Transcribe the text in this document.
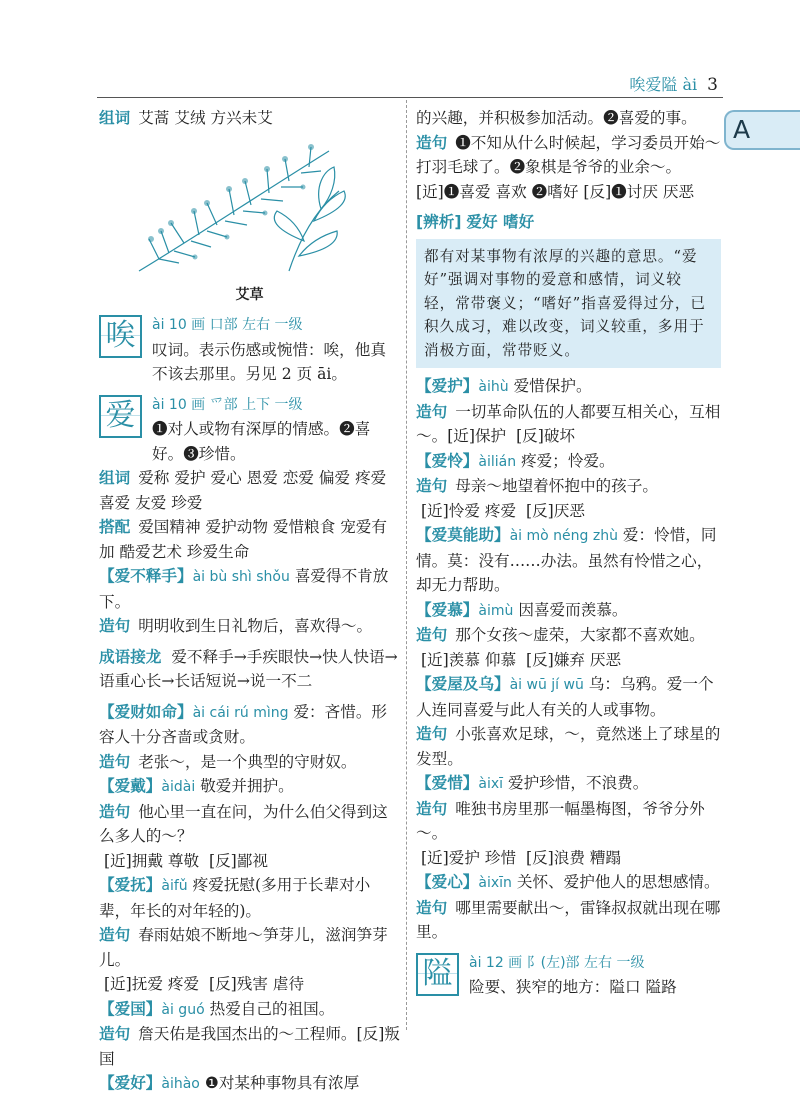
唉爱隘 ài 3
A

组词 艾蒿 艾绒 方兴未艾

艾草
唉	ài 10 画 口部 左右 一级
叹词。表示伤感或惋惜：唉，他真不该去那里。另见 2 页 āi。
爱	ài 10 画 爫部 上下 一级
❶对人或物有深厚的情感。❷喜好。❸珍惜。

组词 爱称 爱护 爱心 恩爱 恋爱 偏爱 疼爱 喜爱 友爱 珍爱

搭配 爱国精神 爱护动物 爱惜粮食 宠爱有加 酷爱艺术 珍爱生命

【爱不释手】ài bù shì shǒu 喜爱得不肯放下。

造句 明明收到生日礼物后，喜欢得～。

成语接龙 爱不释手→手疾眼快→快人快语→语重心长→长话短说→说一不二

【爱财如命】ài cái rú mìng 爱：吝惜。形容人十分吝啬或贪财。

造句 老张～，是一个典型的守财奴。

【爱戴】àidài 敬爱并拥护。

造句 他心里一直在问，为什么伯父得到这么多人的～？

[近]拥戴 尊敬 [反]鄙视

【爱抚】àifǔ 疼爱抚慰(多用于长辈对小辈，年长的对年轻的)。

造句 春雨姑娘不断地～笋芽儿，滋润笋芽儿。

[近]抚爱 疼爱 [反]残害 虐待

【爱国】ài guó 热爱自己的祖国。

造句 詹天佑是我国杰出的～工程师。[反]叛国

【爱好】àihào ❶对某种事物具有浓厚

的兴趣，并积极参加活动。❷喜爱的事。

造句 ❶不知从什么时候起，学习委员开始～打羽毛球了。❷象棋是爷爷的业余～。[近]❶喜爱 喜欢 ❷嗜好 [反]❶讨厌 厌恶

[辨析] 爱好 嗜好

都有对某事物有浓厚的兴趣的意思。“爱好”强调对事物的爱意和感情，词义较轻，常带褒义；“嗜好”指喜爱得过分，已积久成习，难以改变，词义较重，多用于消极方面，常带贬义。

【爱护】àihù 爱惜保护。

造句 一切革命队伍的人都要互相关心，互相～。[近]保护 [反]破坏

【爱怜】àilián 疼爱；怜爱。

造句 母亲～地望着怀抱中的孩子。

[近]怜爱 疼爱 [反]厌恶

【爱莫能助】ài mò néng zhù 爱：怜惜，同情。莫：没有……办法。虽然有怜惜之心，却无力帮助。

【爱慕】àimù 因喜爱而羡慕。

造句 那个女孩～虚荣，大家都不喜欢她。

[近]羡慕 仰慕 [反]嫌弃 厌恶

【爱屋及乌】ài wū jí wū 乌：乌鸦。爱一个人连同喜爱与此人有关的人或事物。

造句 小张喜欢足球，～，竟然迷上了球星的发型。

【爱惜】àixī 爱护珍惜，不浪费。

造句 唯独书房里那一幅墨梅图，爷爷分外～。

[近]爱护 珍惜 [反]浪费 糟蹋

【爱心】àixīn 关怀、爱护他人的思想感情。

造句 哪里需要献出～，雷锋叔叔就出现在哪里。

隘	ài 12 画 阝(左)部 左右 一级
险要、狭窄的地方：隘口 隘路
